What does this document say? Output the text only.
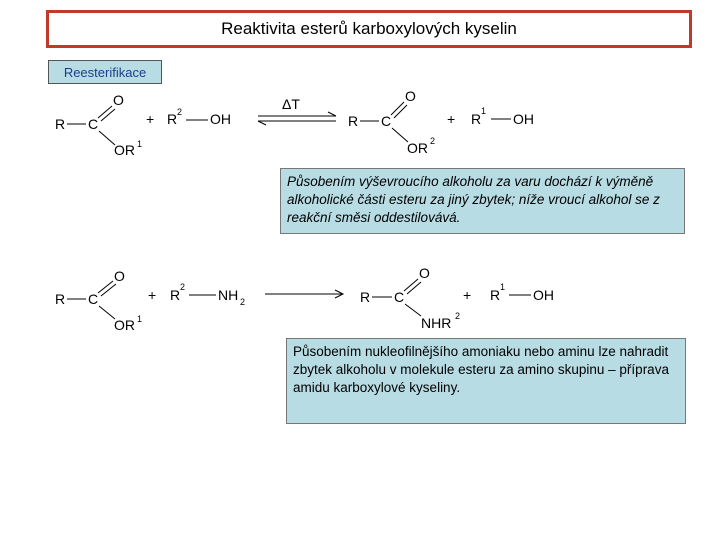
Reaktivita esterů karboxylových kyselin
Reesterifikace
R C
O
OR 1
+ R 2 OH
ΔT
R C
O
OR 2
+ R 1 OH
R C
O
OR 1
+ R 2 NH 2	R C
O
NHR 2
+ R 1 OH
Působením výševroucího alkoholu za varu dochází k výměně alkoholické části esteru za jiný zbytek; níže vroucí alkohol se z reakční směsi oddestilovává.
Působením nukleofilnějšího amoniaku nebo aminu lze nahradit zbytek alkoholu v molekule esteru za amino skupinu – příprava amidu karboxylové kyseliny.
